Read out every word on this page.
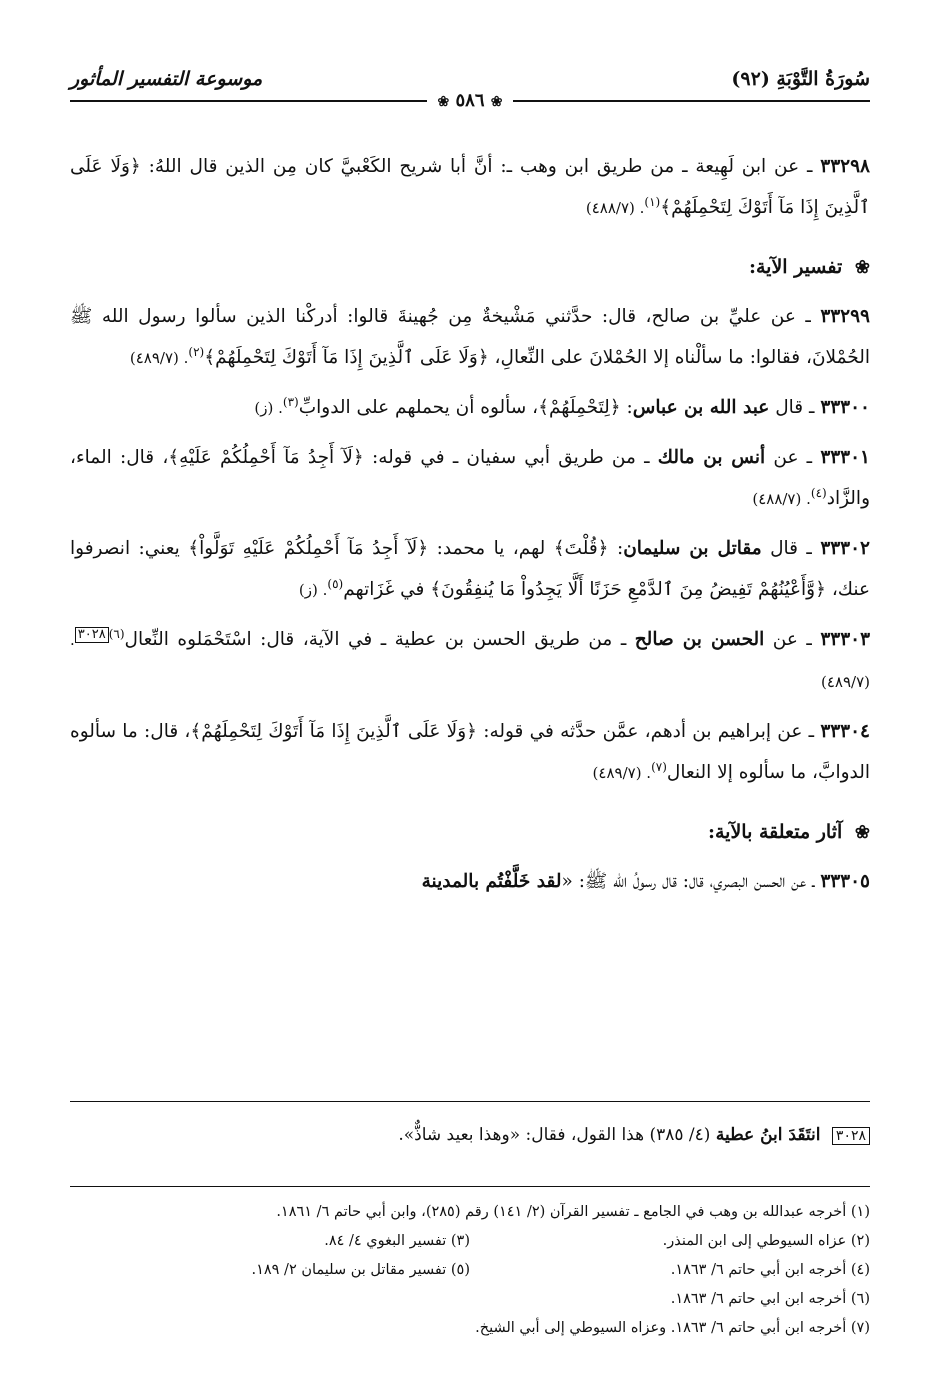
سُورَةُ التَّوْبَةِ (٩٢)
موسوعة التفسير المأثور
❀ ٥٨٦ ❀

٣٣٢٩٨ ـ عن ابن لَهِيعة ـ من طريق ابن وهب ـ: أنَّ أبا شريح الكَعْبيَّ كان مِن الذين قال اللهُ: ﴿وَلَا عَلَى ٱلَّذِينَ إِذَا مَآ أَتَوْكَ لِتَحْمِلَهُمْ﴾$^{(١)}$. (٤٨٨/٧)

❀ تفسير الآية:

٣٣٢٩٩ ـ عن عليِّ بن صالح، قال: حدَّثني مَشْيخةٌ مِن جُهينةَ قالوا: أدركْنا الذين سألوا رسول الله ﷺ الحُمْلانَ، فقالوا: ما سألْناه إلا الحُمْلانَ على النِّعالِ، ﴿وَلَا عَلَى ٱلَّذِينَ إِذَا مَآ أَتَوْكَ لِتَحْمِلَهُمْ﴾$^{(٢)}$. (٤٨٩/٧)

٣٣٣٠٠ ـ قال عبد الله بن عباس: ﴿لِتَحْمِلَهُمْ﴾، سألوه أن يحملهم على الدوابِّ$^{(٣)}$. (ز)

٣٣٣٠١ ـ عن أنس بن مالك ـ من طريق أبي سفيان ـ في قوله: ﴿لَآ أَجِدُ مَآ أَحْمِلُكُمْ عَلَيْهِ﴾، قال: الماء، والزَّاد$^{(٤)}$. (٤٨٨/٧)

٣٣٣٠٢ ـ قال مقاتل بن سليمان: ﴿قُلْتَ﴾ لهم، يا محمد: ﴿لَآ أَجِدُ مَآ أَحْمِلُكُمْ عَلَيْهِ تَوَلَّواْ﴾ يعني: انصرفوا عنك، ﴿وَّأَعْيُنُهُمْ تَفِيضُ مِنَ ٱلدَّمْعِ حَزَنًا أَلَّا يَجِدُواْ مَا يُنفِقُونَ﴾ في غَزَاتهم$^{(٥)}$. (ز)

٣٣٣٠٣ ـ عن الحسن بن صالح ـ من طريق الحسن بن عطية ـ في الآية، قال: اسْتَحْمَلوه النِّعال$^{(٦)}$٣٠٢٨. (٤٨٩/٧)

٣٣٣٠٤ ـ عن إبراهيم بن أدهم، عمَّن حدَّثه في قوله: ﴿وَلَا عَلَى ٱلَّذِينَ إِذَا مَآ أَتَوْكَ لِتَحْمِلَهُمْ﴾، قال: ما سألوه الدوابَّ، ما سألوه إلا النعال$^{(٧)}$. (٤٨٩/٧)

❀ آثار متعلقة بالآية:

٣٣٣٠٥ ـ عن الحسن البصري، قال: قال رسولُ الله ﷺ: «لقد خَلَّفْتُم بالمدينة

٣٠٢٨ انتَقَدَ ابنُ عطية (٤/ ٣٨٥) هذا القول، فقال: «وهذا بعيد شاذٌّ».
(١) أخرجه عبدالله بن وهب في الجامع ـ تفسير القرآن (٢/ ١٤١) رقم (٢٨٥)، وابن أبي حاتم ٦/ ١٨٦١.
(٢) عزاه السيوطي إلى ابن المنذر.
(٣) تفسير البغوي ٤/ ٨٤.
(٤) أخرجه ابن أبي حاتم ٦/ ١٨٦٣.
(٥) تفسير مقاتل بن سليمان ٢/ ١٨٩.
(٦) أخرجه ابن ابي حاتم ٦/ ١٨٦٣.
(٧) أخرجه ابن أبي حاتم ٦/ ١٨٦٣. وعزاه السيوطي إلى أبي الشيخ.
